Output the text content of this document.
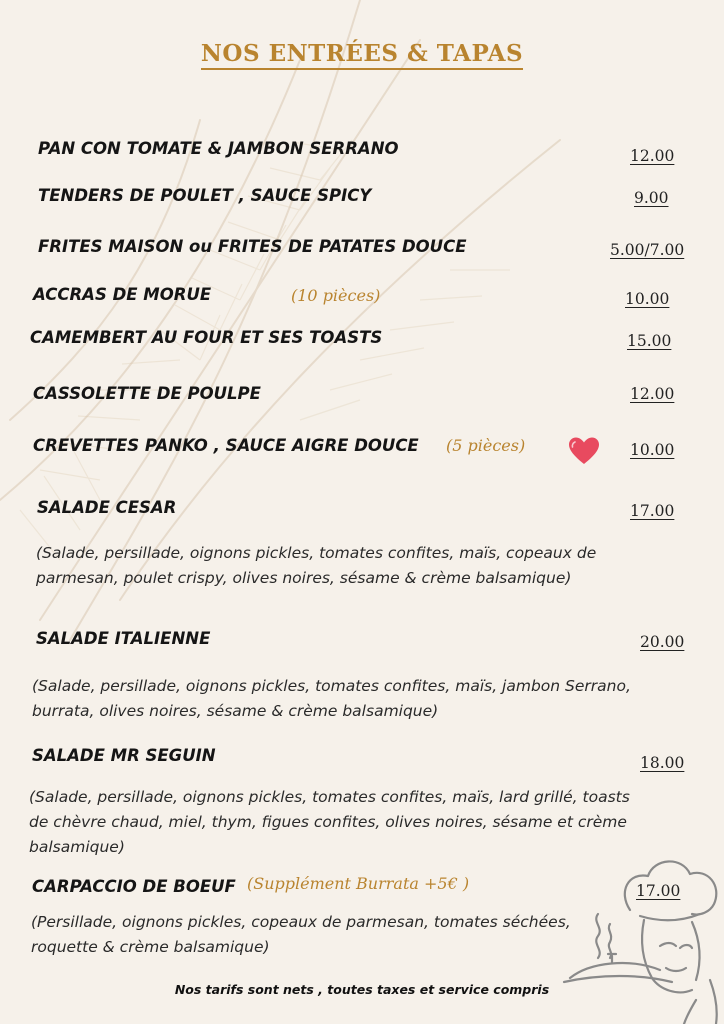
NOS ENTRÉES & TAPAS
PAN CON TOMATE & JAMBON SERRANO	12.00
TENDERS DE POULET , SAUCE SPICY	9.00
FRITES MAISON ou FRITES DE PATATES DOUCE	5.00/7.00
ACCRAS DE MORUE	(10 pièces)	10.00
CAMEMBERT AU FOUR ET SES TOASTS	15.00
CASSOLETTE DE POULPE	12.00
CREVETTES PANKO , SAUCE AIGRE DOUCE (5 pièces)	10.00
SALADE CESAR	17.00
(Salade, persillade, oignons pickles, tomates confites, maïs, copeaux de
parmesan, poulet crispy, olives noires, sésame & crème balsamique)
SALADE ITALIENNE	20.00
(Salade, persillade, oignons pickles, tomates confites, maïs, jambon Serrano,
burrata, olives noires, sésame & crème balsamique)
SALADE MR SEGUIN	18.00
(Salade, persillade, oignons pickles, tomates confites, maïs, lard grillé, toasts
de chèvre chaud, miel, thym, figues confites, olives noires, sésame et crème
balsamique)
CARPACCIO DE BOEUF (Supplément Burrata +5€ )	17.00
(Persillade, oignons pickles, copeaux de parmesan, tomates séchées,
roquette & crème balsamique)
Nos tarifs sont nets , toutes taxes et service compris
